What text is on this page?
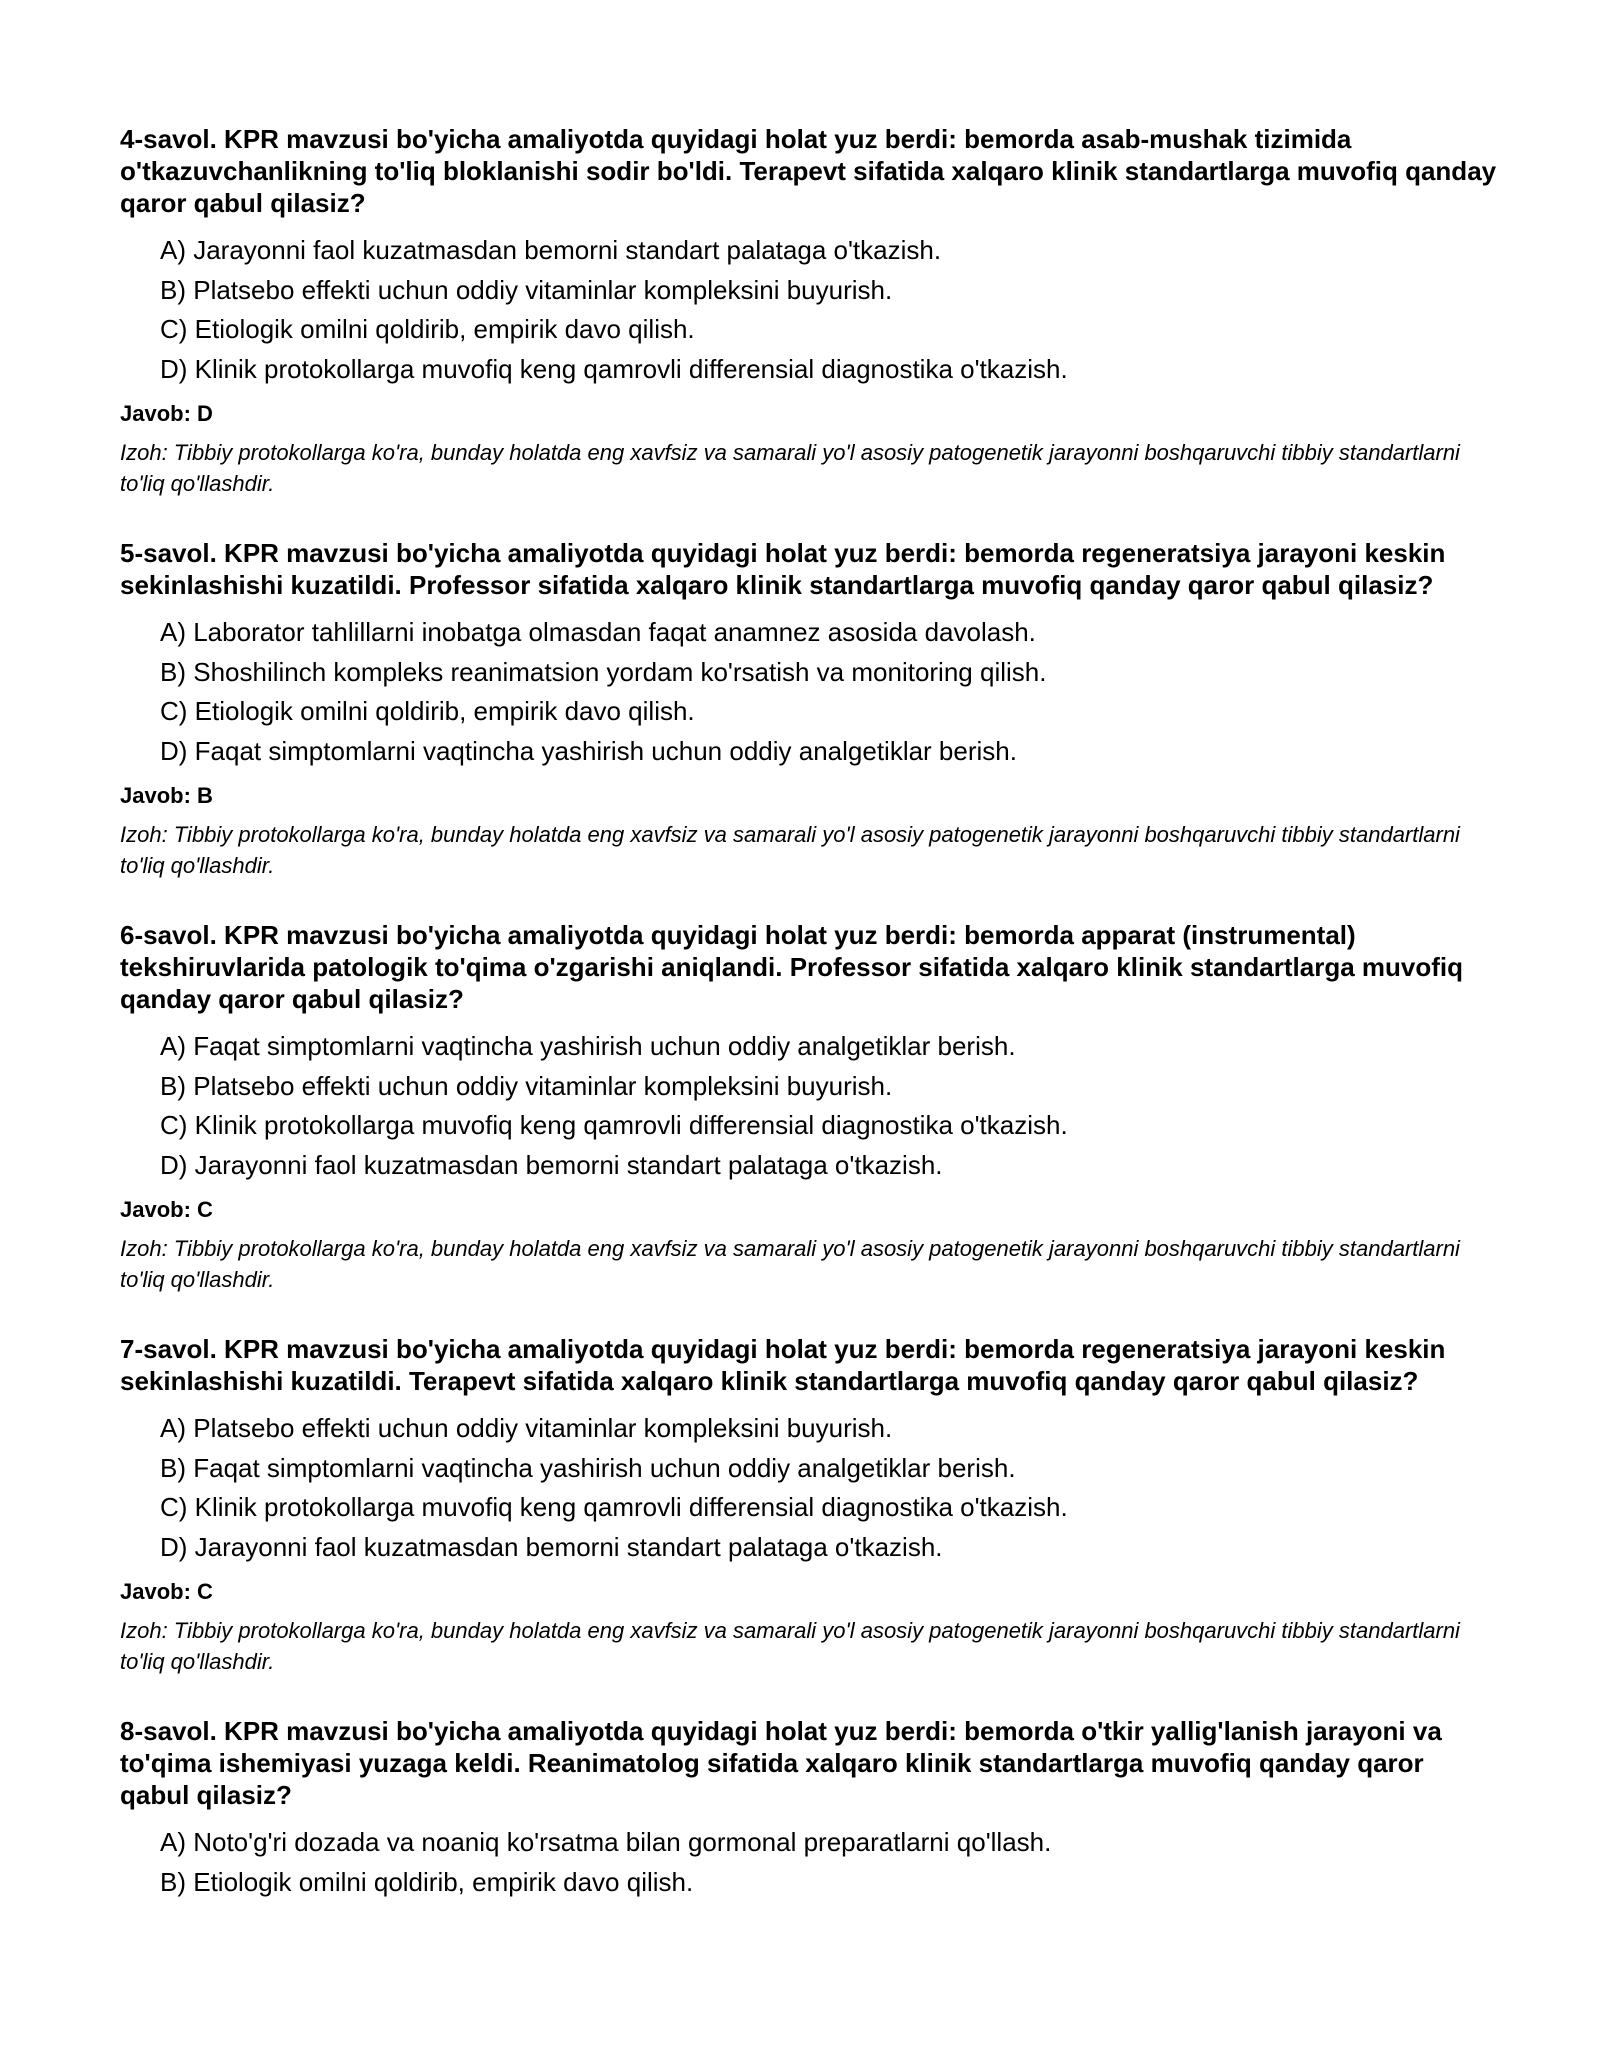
4-savol. KPR mavzusi bo'yicha amaliyotda quyidagi holat yuz berdi: bemorda asab-mushak tizimida o'tkazuvchanlikning to'liq bloklanishi sodir bo'ldi. Terapevt sifatida xalqaro klinik standartlarga muvofiq qanday qaror qabul qilasiz?
A) Jarayonni faol kuzatmasdan bemorni standart palataga o'tkazish.
B) Platsebo effekti uchun oddiy vitaminlar kompleksini buyurish.
C) Etiologik omilni qoldirib, empirik davo qilish.
D) Klinik protokollarga muvofiq keng qamrovli differensial diagnostika o'tkazish.
Javob: D

Izoh: Tibbiy protokollarga ko'ra, bunday holatda eng xavfsiz va samarali yo'l asosiy patogenetik jarayonni boshqaruvchi tibbiy standartlarni to'liq qo'llashdir.

5-savol. KPR mavzusi bo'yicha amaliyotda quyidagi holat yuz berdi: bemorda regeneratsiya jarayoni keskin sekinlashishi kuzatildi. Professor sifatida xalqaro klinik standartlarga muvofiq qanday qaror qabul qilasiz?
A) Laborator tahlillarni inobatga olmasdan faqat anamnez asosida davolash.
B) Shoshilinch kompleks reanimatsion yordam ko'rsatish va monitoring qilish.
C) Etiologik omilni qoldirib, empirik davo qilish.
D) Faqat simptomlarni vaqtincha yashirish uchun oddiy analgetiklar berish.
Javob: B

Izoh: Tibbiy protokollarga ko'ra, bunday holatda eng xavfsiz va samarali yo'l asosiy patogenetik jarayonni boshqaruvchi tibbiy standartlarni to'liq qo'llashdir.

6-savol. KPR mavzusi bo'yicha amaliyotda quyidagi holat yuz berdi: bemorda apparat (instrumental) tekshiruvlarida patologik to'qima o'zgarishi aniqlandi. Professor sifatida xalqaro klinik standartlarga muvofiq qanday qaror qabul qilasiz?
A) Faqat simptomlarni vaqtincha yashirish uchun oddiy analgetiklar berish.
B) Platsebo effekti uchun oddiy vitaminlar kompleksini buyurish.
C) Klinik protokollarga muvofiq keng qamrovli differensial diagnostika o'tkazish.
D) Jarayonni faol kuzatmasdan bemorni standart palataga o'tkazish.
Javob: C

Izoh: Tibbiy protokollarga ko'ra, bunday holatda eng xavfsiz va samarali yo'l asosiy patogenetik jarayonni boshqaruvchi tibbiy standartlarni to'liq qo'llashdir.

7-savol. KPR mavzusi bo'yicha amaliyotda quyidagi holat yuz berdi: bemorda regeneratsiya jarayoni keskin sekinlashishi kuzatildi. Terapevt sifatida xalqaro klinik standartlarga muvofiq qanday qaror qabul qilasiz?
A) Platsebo effekti uchun oddiy vitaminlar kompleksini buyurish.
B) Faqat simptomlarni vaqtincha yashirish uchun oddiy analgetiklar berish.
C) Klinik protokollarga muvofiq keng qamrovli differensial diagnostika o'tkazish.
D) Jarayonni faol kuzatmasdan bemorni standart palataga o'tkazish.
Javob: C

Izoh: Tibbiy protokollarga ko'ra, bunday holatda eng xavfsiz va samarali yo'l asosiy patogenetik jarayonni boshqaruvchi tibbiy standartlarni to'liq qo'llashdir.

8-savol. KPR mavzusi bo'yicha amaliyotda quyidagi holat yuz berdi: bemorda o'tkir yallig'lanish jarayoni va to'qima ishemiyasi yuzaga keldi. Reanimatolog sifatida xalqaro klinik standartlarga muvofiq qanday qaror qabul qilasiz?
A) Noto'g'ri dozada va noaniq ko'rsatma bilan gormonal preparatlarni qo'llash.
B) Etiologik omilni qoldirib, empirik davo qilish.
